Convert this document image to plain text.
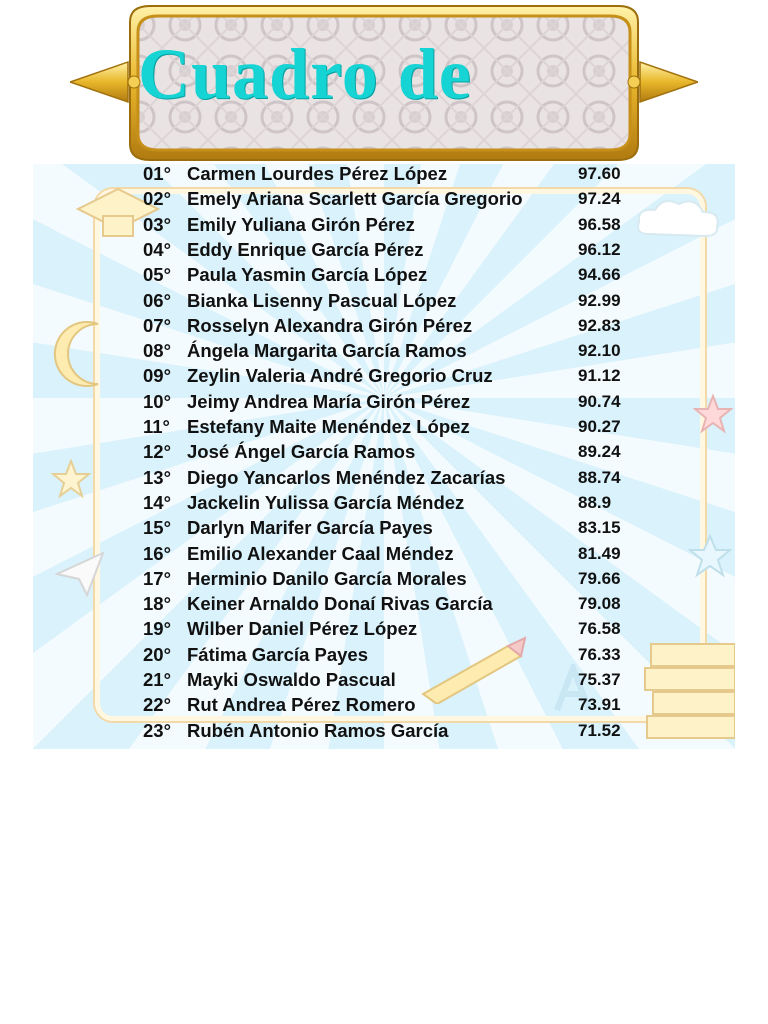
Cuadro de
01° Carmen Lourdes Pérez López	97.60
02° Emely Ariana Scarlett García Gregorio	97.24
03° Emily Yuliana Girón Pérez	96.58
04° Eddy Enrique García Pérez	96.12
05° Paula Yasmin García López	94.66
06° Bianka Lisenny Pascual López	92.99
07° Rosselyn Alexandra Girón Pérez	92.83
08° Ángela Margarita García Ramos	92.10
09° Zeylin Valeria André Gregorio Cruz	91.12
10° Jeimy Andrea María Girón Pérez	90.74
11° Estefany Maite Menéndez López	90.27
12° José Ángel García Ramos	89.24
13° Diego Yancarlos Menéndez Zacarías	88.74
14° Jackelin Yulissa García Méndez	88.9
15° Darlyn Marifer García Payes	83.15
16° Emilio Alexander Caal Méndez	81.49
17° Herminio Danilo García Morales	79.66
18° Keiner Arnaldo Donaí Rivas García	79.08
19° Wilber Daniel Pérez López	76.58
20° Fátima García Payes	76.33
21° Mayki Oswaldo Pascual	75.37
22° Rut Andrea Pérez Romero	73.91
23° Rubén Antonio Ramos García	71.52
